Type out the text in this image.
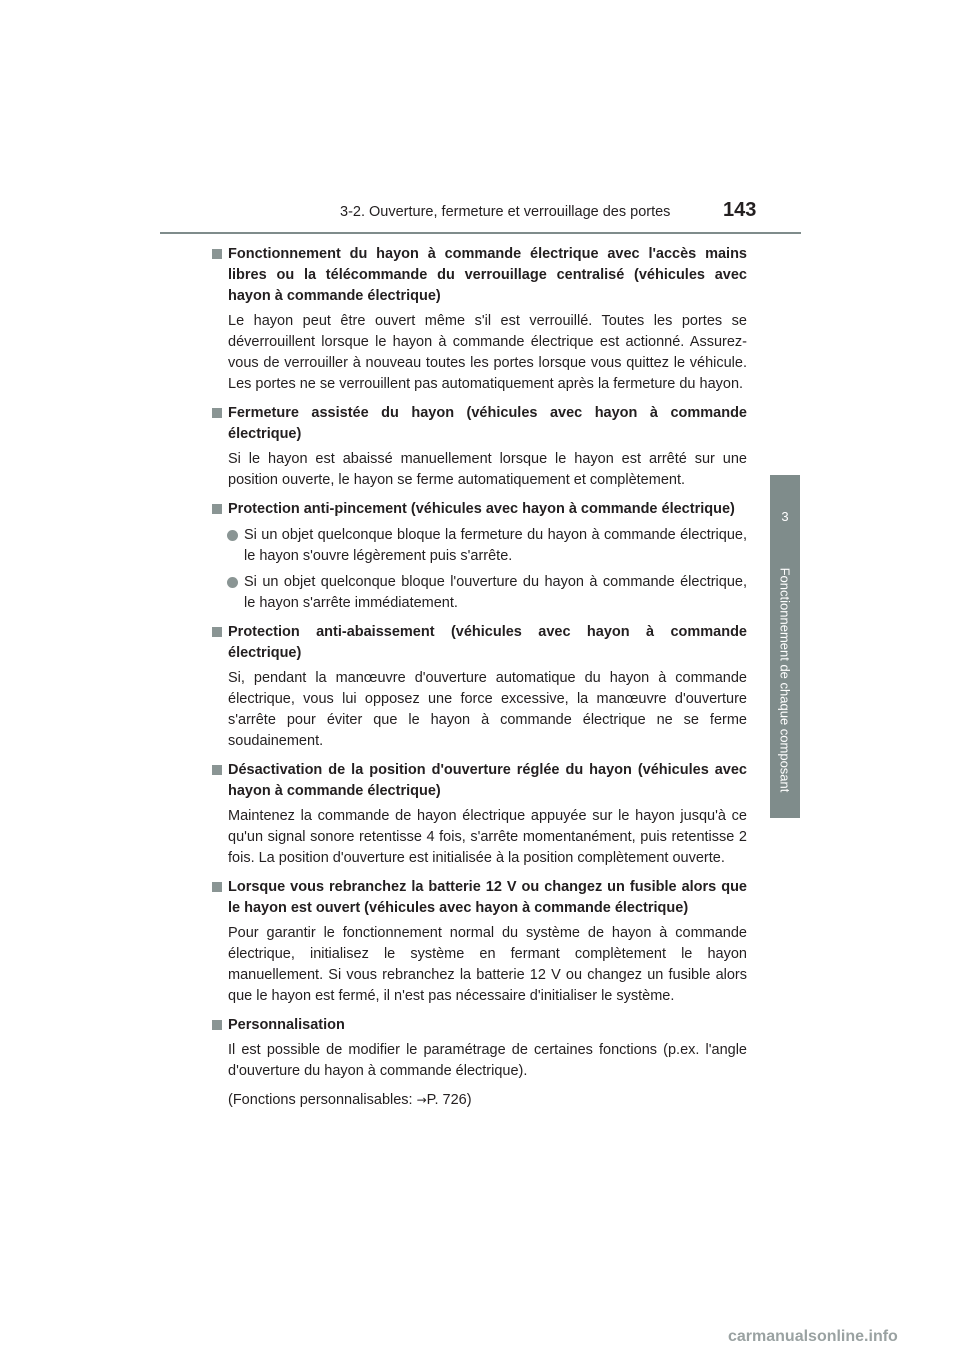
3-2. Ouverture, fermeture et verrouillage des portes	143
3
Fonctionnement de chaque composant
Fonctionnement du hayon à commande électrique avec l'accès mains libres ou la télécommande du verrouillage centralisé (véhicules avec hayon à commande électrique)
Le hayon peut être ouvert même s'il est verrouillé. Toutes les portes se déverrouillent lorsque le hayon à commande électrique est actionné. Assurez-vous de verrouiller à nouveau toutes les portes lorsque vous quittez le véhicule. Les portes ne se verrouillent pas automatiquement après la fermeture du hayon.
Fermeture assistée du hayon (véhicules avec hayon à commande électrique)
Si le hayon est abaissé manuellement lorsque le hayon est arrêté sur une position ouverte, le hayon se ferme automatiquement et complètement.
Protection anti-pincement (véhicules avec hayon à commande électrique)
Si un objet quelconque bloque la fermeture du hayon à commande électrique, le hayon s'ouvre légèrement puis s'arrête.
Si un objet quelconque bloque l'ouverture du hayon à commande électrique, le hayon s'arrête immédiatement.
Protection anti-abaissement (véhicules avec hayon à commande électrique)
Si, pendant la manœuvre d'ouverture automatique du hayon à commande électrique, vous lui opposez une force excessive, la manœuvre d'ouverture s'arrête pour éviter que le hayon à commande électrique ne se ferme soudainement.
Désactivation de la position d'ouverture réglée du hayon (véhicules avec hayon à commande électrique)
Maintenez la commande de hayon électrique appuyée sur le hayon jusqu'à ce qu'un signal sonore retentisse 4 fois, s'arrête momentanément, puis retentisse 2 fois. La position d'ouverture est initialisée à la position complètement ouverte.
Lorsque vous rebranchez la batterie 12 V ou changez un fusible alors que le hayon est ouvert (véhicules avec hayon à commande électrique)
Pour garantir le fonctionnement normal du système de hayon à commande électrique, initialisez le système en fermant complètement le hayon manuellement. Si vous rebranchez la batterie 12 V ou changez un fusible alors que le hayon est fermé, il n'est pas nécessaire d'initialiser le système.
Personnalisation
Il est possible de modifier le paramétrage de certaines fonctions (p.ex. l'angle d'ouverture du hayon à commande électrique).
(Fonctions personnalisables: →P. 726)
carmanualsonline.info
